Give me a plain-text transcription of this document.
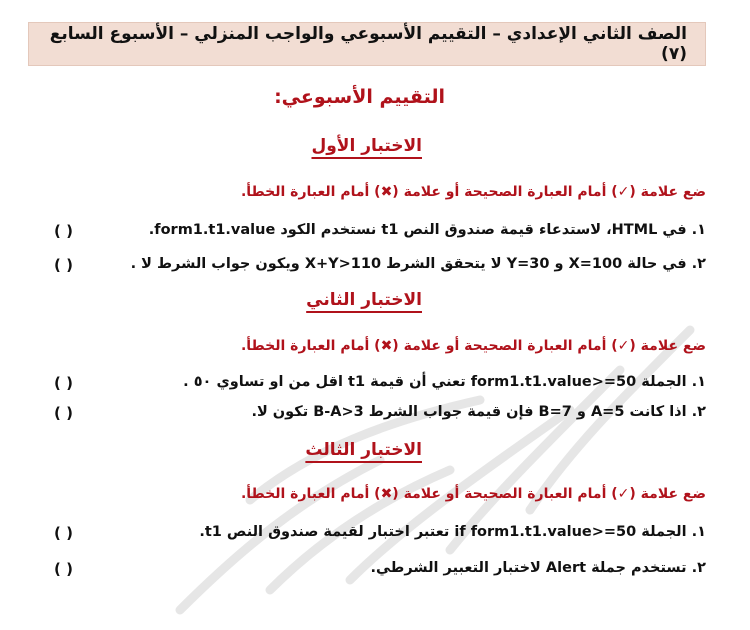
الصف الثاني الإعدادي – التقييم الأسبوعي والواجب المنزلي – الأسبوع السابع (٧)
التقييم الأسبوعي:
الاختبار الأول
ضع علامة (✓) أمام العبارة الصحيحة أو علامة (✖) أمام العبارة الخطأ.
١. في HTML، لاستدعاء قيمة صندوق النص t1 نستخدم الكود form1.t1.value.
( )
٢. في حالة X=100 و Y=30 لا يتحقق الشرط X+Y>110 ويكون جواب الشرط لا .
( )
الاختبار الثاني
ضع علامة (✓) أمام العبارة الصحيحة أو علامة (✖) أمام العبارة الخطأ.
١. الجملة form1.t1.value>=50 تعني أن قيمة t1 اقل من او تساوي ٥٠ .
( )
٢. اذا كانت A=5 و B=7 فإن قيمة جواب الشرط B-A>3 تكون لا.
( )
الاختبار الثالث
ضع علامة (✓) أمام العبارة الصحيحة أو علامة (✖) أمام العبارة الخطأ.
١. الجملة if form1.t1.value>=50 تعتبر اختبار لقيمة صندوق النص t1.
( )
٢. تستخدم جملة Alert لاختبار التعبير الشرطي.
( )
